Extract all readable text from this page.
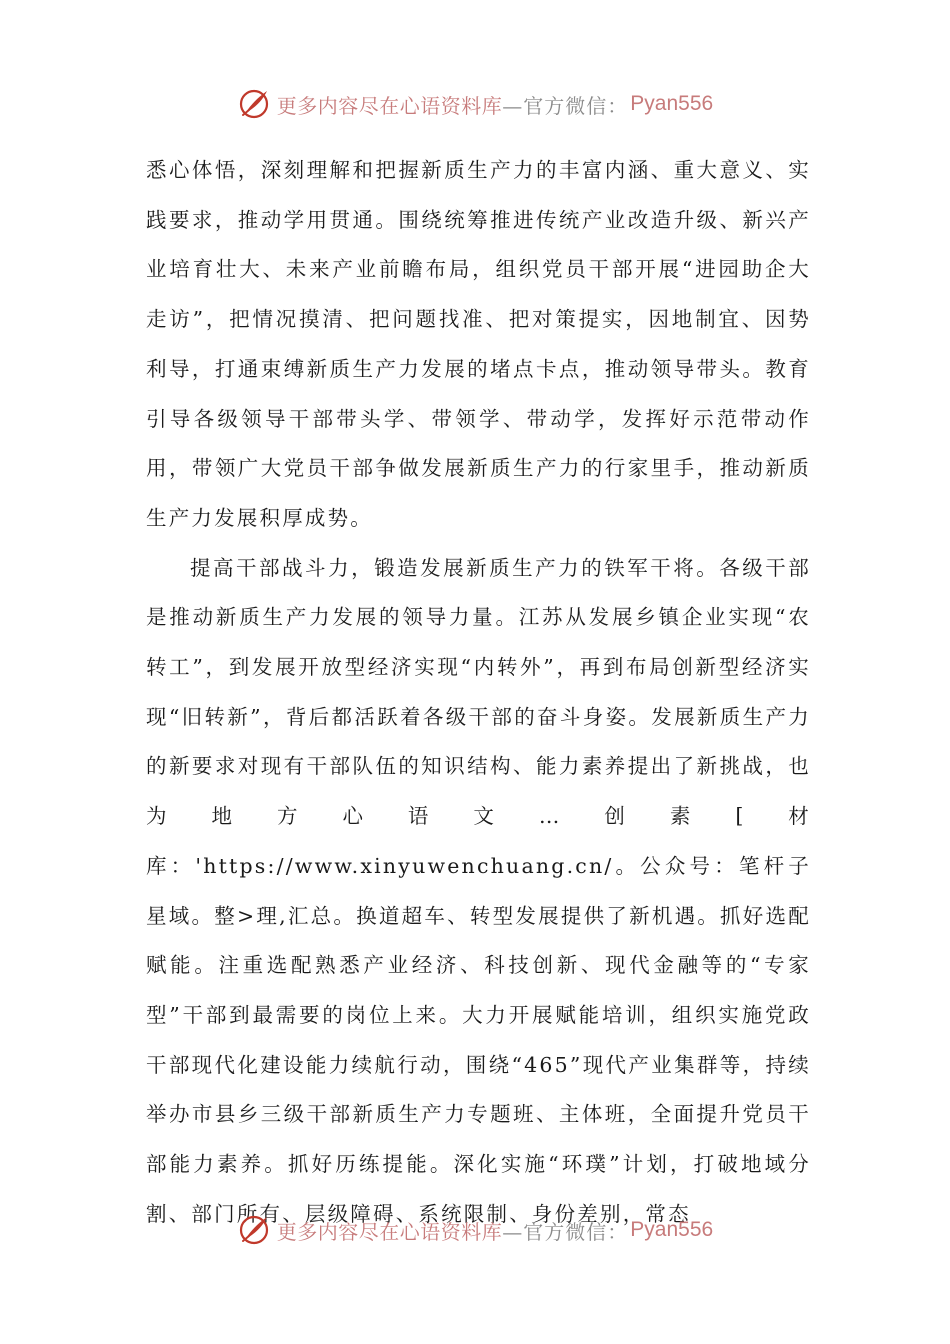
更多内容尽在心语资料库 —官方微信： Pyan556

悉心体悟，深刻理解和把握新质生产力的丰富内涵、重大意义、实践要求，推动学用贯通。围绕统筹推进传统产业改造升级、新兴产业培育壮大、未来产业前瞻布局，组织党员干部开展“进园助企大走访”，把情况摸清、把问题找准、把对策提实，因地制宜、因势利导，打通束缚新质生产力发展的堵点卡点，推动领导带头。教育引导各级领导干部带头学、带领学、带动学，发挥好示范带动作用，带领广大党员干部争做发展新质生产力的行家里手，推动新质生产力发展积厚成势。

提高干部战斗力，锻造发展新质生产力的铁军干将。各级干部是推动新质生产力发展的领导力量。江苏从发展乡镇企业实现“农转工”，到发展开放型经济实现“内转外”，再到布局创新型经济实现“旧转新”，背后都活跃着各级干部的奋斗身姿。发展新质生产力的新要求对现有干部队伍的知识结构、能力素养提出了新挑战，也为地方心语文…创素[材库：'https://www.xinyuwenchuang.cn/。公众号：笔杆子星域。整>理,汇总。换道超车、转型发展提供了新机遇。抓好选配赋能。注重选配熟悉产业经济、科技创新、现代金融等的“专家型”干部到最需要的岗位上来。大力开展赋能培训，组织实施党政干部现代化建设能力续航行动，围绕“465”现代产业集群等，持续举办市县乡三级干部新质生产力专题班、主体班，全面提升党员干部能力素养。抓好历练提能。深化实施“环璞”计划，打破地域分割、部门所有、层级障碍、系统限制、身份差别，常态

更多内容尽在心语资料库 —官方微信： Pyan556
